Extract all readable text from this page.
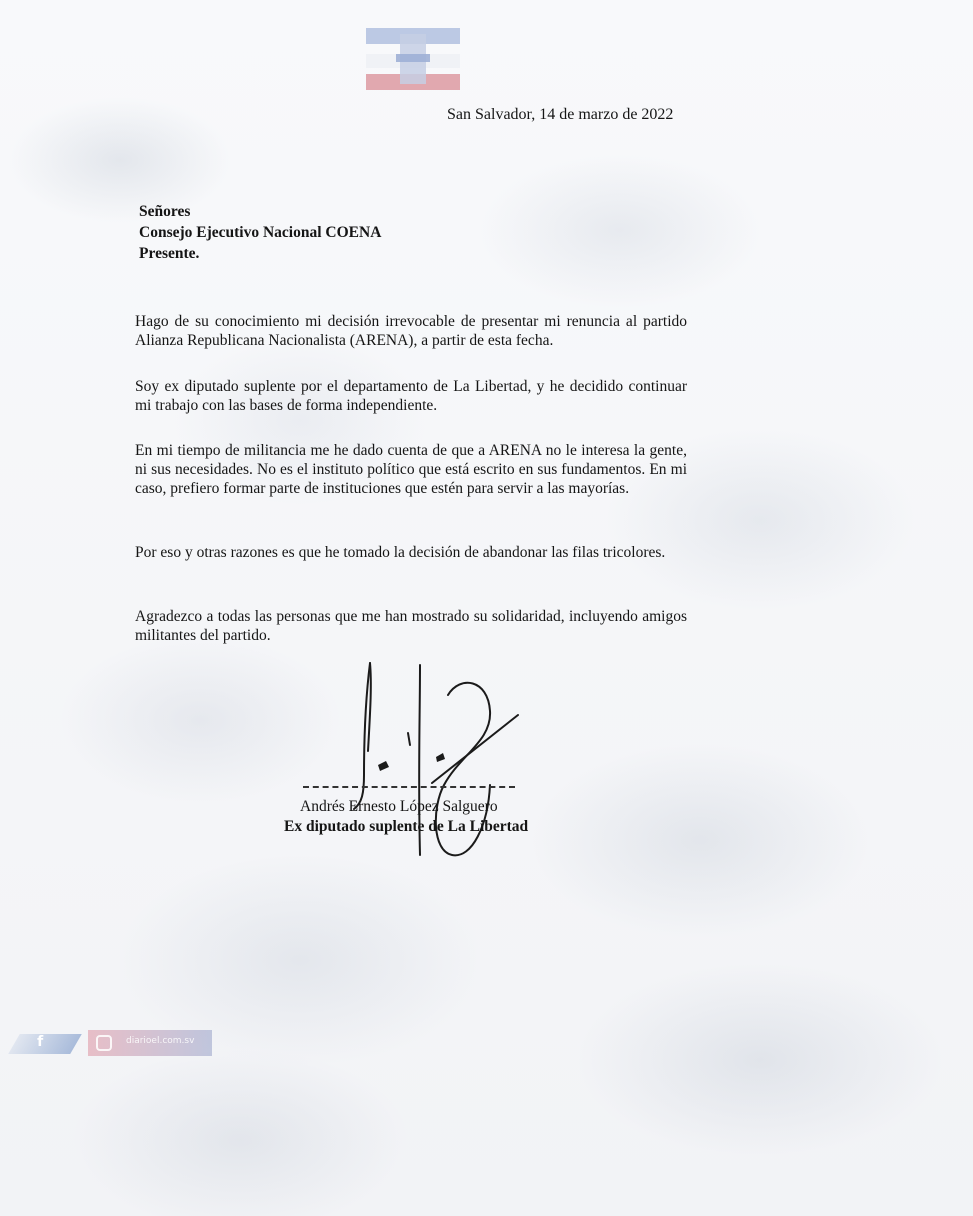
San Salvador, 14 de marzo de 2022
Señores
Consejo Ejecutivo Nacional COENA
Presente.
Hago de su conocimiento mi decisión irrevocable de presentar mi renuncia al partido Alianza Republicana Nacionalista (ARENA), a partir de esta fecha.
Soy ex diputado suplente por el departamento de La Libertad, y he decidido continuar mi trabajo con las bases de forma independiente.
En mi tiempo de militancia me he dado cuenta de que a ARENA no le interesa la gente, ni sus necesidades. No es el instituto político que está escrito en sus fundamentos. En mi caso, prefiero formar parte de instituciones que estén para servir a las mayorías.
Por eso y otras razones es que he tomado la decisión de abandonar las filas tricolores.
Agradezco a todas las personas que me han mostrado su solidaridad, incluyendo amigos militantes del partido.
Andrés Ernesto López Salguero
Ex diputado suplente de La Libertad
f	diarioel.com.sv
